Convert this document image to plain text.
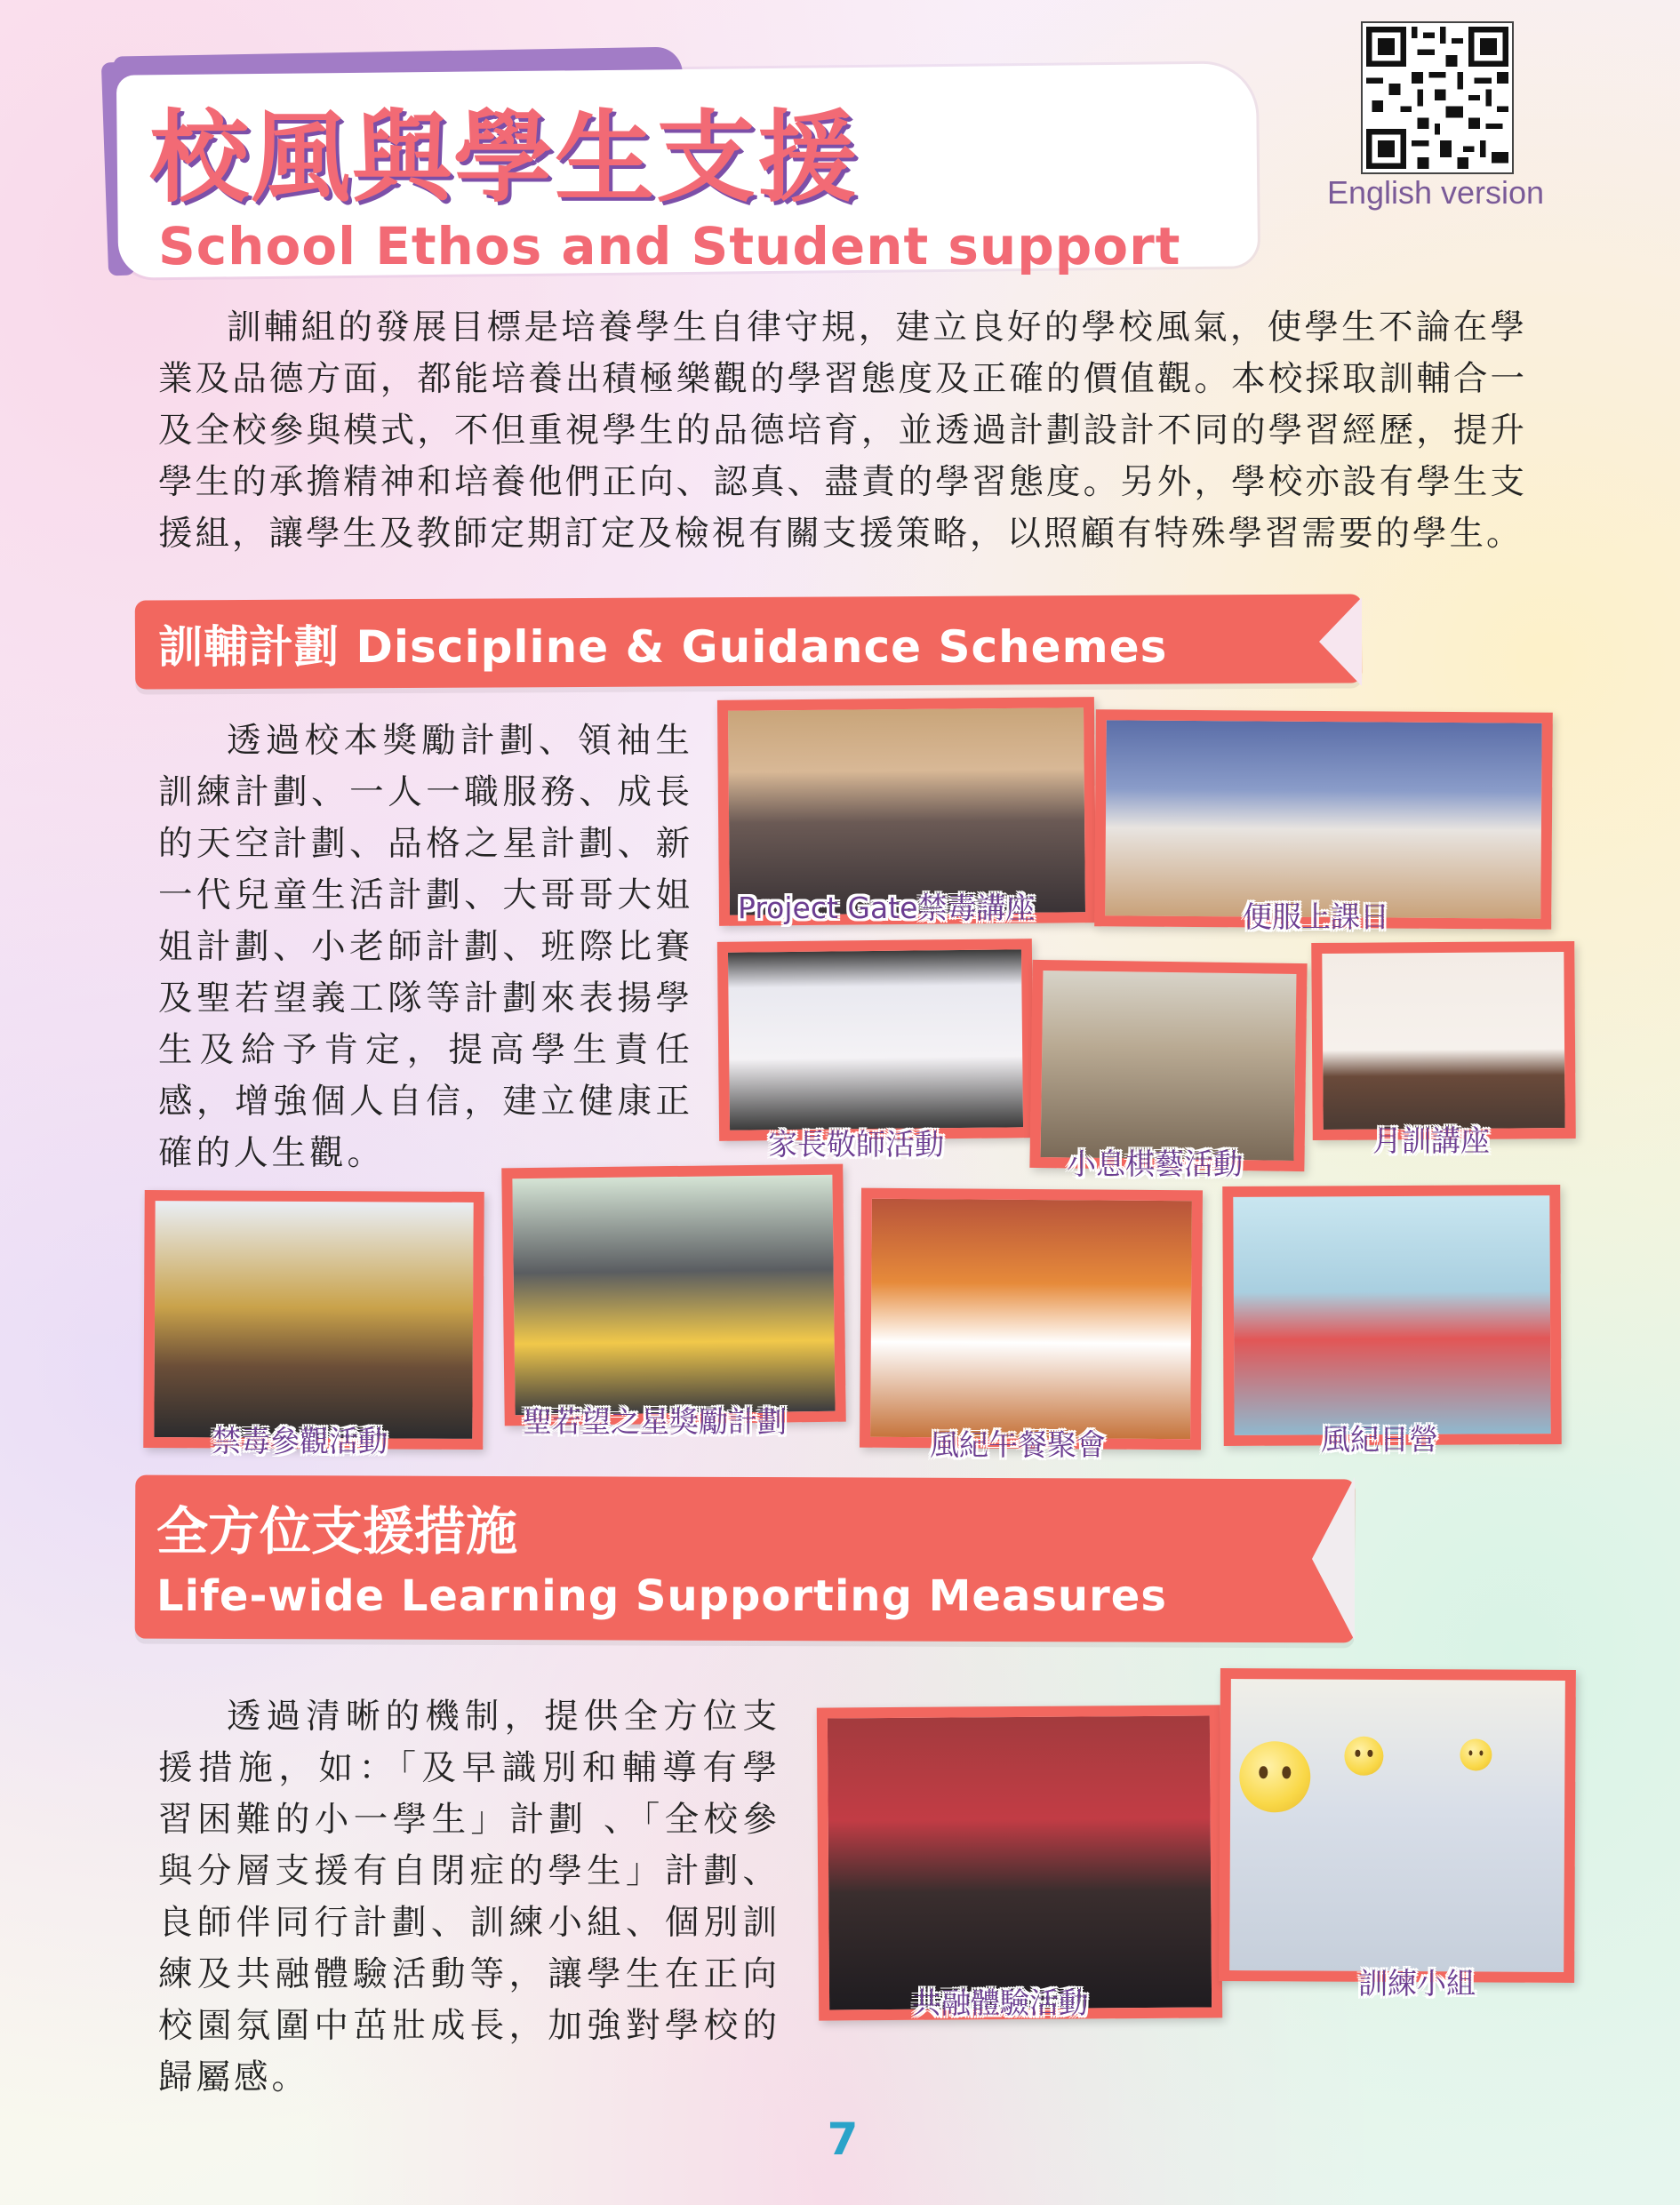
校風與學生支援
School Ethos and Student support
English version
訓輔組的發展目標是培養學生自律守規，建立良好的學校風氣，使學生不論在學業及品德方面，都能培養出積極樂觀的學習態度及正確的價值觀。本校採取訓輔合一及全校參與模式，不但重視學生的品德培育，並透過計劃設計不同的學習經歷，提升學生的承擔精神和培養他們正向、認真、盡責的學習態度。另外，學校亦設有學生支援組，讓學生及教師定期訂定及檢視有關支援策略，以照顧有特殊學習需要的學生。
訓輔計劃 Discipline & Guidance Schemes
透過校本獎勵計劃、領袖生訓練計劃、一人一職服務、成長的天空計劃、品格之星計劃、新一代兒童生活計劃、大哥哥大姐姐計劃、小老師計劃、班際比賽及聖若望義工隊等計劃來表揚學生及給予肯定，提高學生責任感，增強個人自信，建立健康正確的人生觀。
Project Gate禁毒講座	便服上課日
家長敬師活動
小息棋藝活動
月訓講座
禁毒參觀活動
聖若望之星獎勵計劃
風紀午餐聚會	風紀日營
全方位支援措施
Life-wide Learning Supporting Measures
透過清晰的機制，提供全方位支援措施，如：「及早識別和輔導有學習困難的小一學生」計劃 、「全校參與分層支援有自閉症的學生」計劃、良師伴同行計劃、訓練小組、個別訓練及共融體驗活動等，讓學生在正向校園氛圍中茁壯成長，加強對學校的歸屬感。
共融體驗活動
訓練小組
7
